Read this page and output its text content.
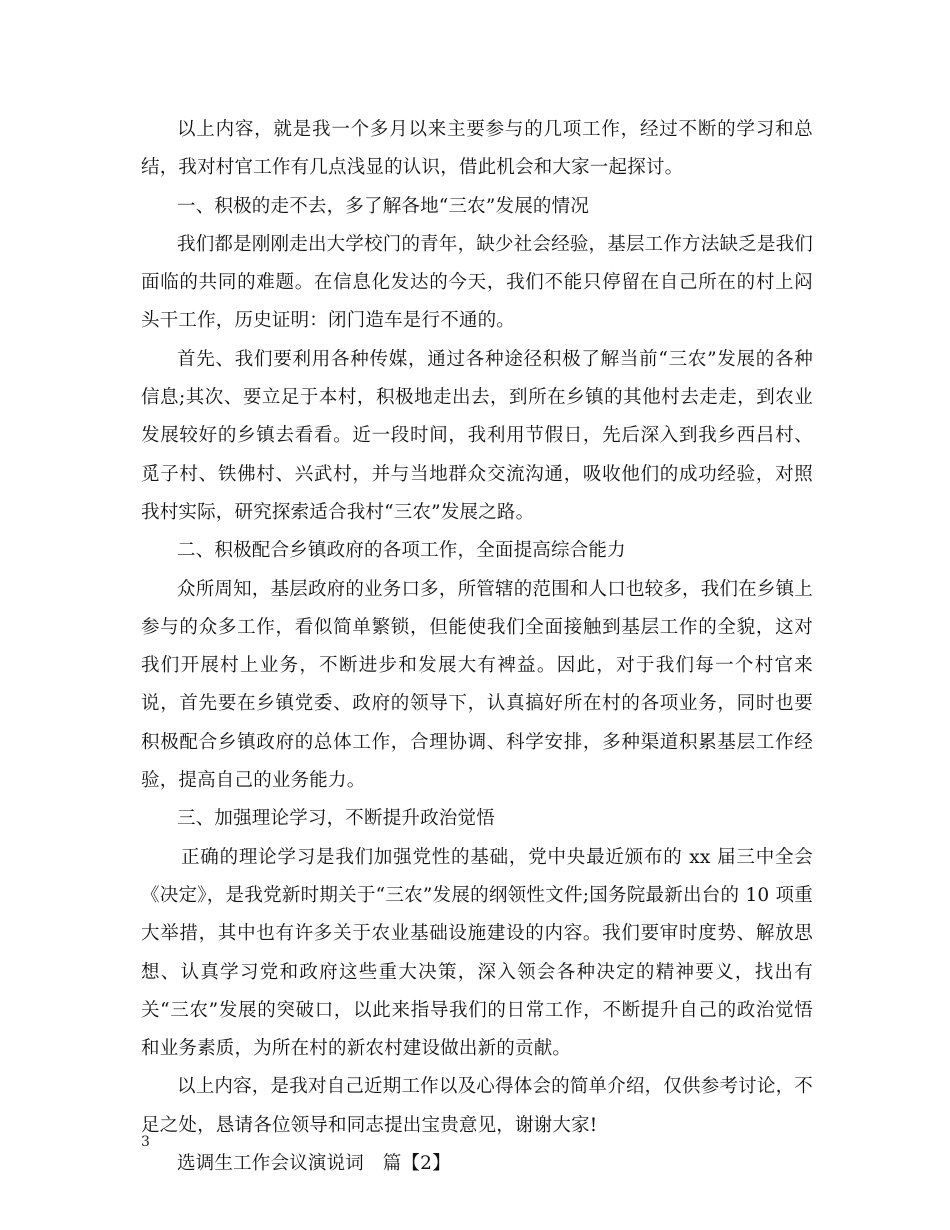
以上内容，就是我一个多月以来主要参与的几项工作，经过不断的学习和总结，我对村官工作有几点浅显的认识，借此机会和大家一起探讨。

一、积极的走不去，多了解各地“三农”发展的情况

我们都是刚刚走出大学校门的青年，缺少社会经验，基层工作方法缺乏是我们面临的共同的难题。在信息化发达的今天，我们不能只停留在自己所在的村上闷头干工作，历史证明：闭门造车是行不通的。

首先、我们要利用各种传媒，通过各种途径积极了解当前“三农”发展的各种信息;其次、要立足于本村，积极地走出去，到所在乡镇的其他村去走走，到农业发展较好的乡镇去看看。近一段时间，我利用节假日，先后深入到我乡西吕村、觅子村、铁佛村、兴武村，并与当地群众交流沟通，吸收他们的成功经验，对照我村实际，研究探索适合我村“三农”发展之路。

二、积极配合乡镇政府的各项工作，全面提高综合能力

众所周知，基层政府的业务口多，所管辖的范围和人口也较多，我们在乡镇上参与的众多工作，看似简单繁锁，但能使我们全面接触到基层工作的全貌，这对我们开展村上业务，不断进步和发展大有裨益。因此，对于我们每一个村官来说，首先要在乡镇党委、政府的领导下，认真搞好所在村的各项业务，同时也要积极配合乡镇政府的总体工作，合理协调、科学安排，多种渠道积累基层工作经验，提高自己的业务能力。

三、加强理论学习，不断提升政治觉悟

正确的理论学习是我们加强党性的基础，党中央最近颁布的 xx 届三中全会《决定》，是我党新时期关于“三农”发展的纲领性文件;国务院最新出台的 10 项重大举措，其中也有许多关于农业基础设施建设的内容。我们要审时度势、解放思想、认真学习党和政府这些重大决策，深入领会各种决定的精神要义，找出有关“三农”发展的突破口，以此来指导我们的日常工作，不断提升自己的政治觉悟和业务素质，为所在村的新农村建设做出新的贡献。

以上内容，是我对自己近期工作以及心得体会的简单介绍，仅供参考讨论，不足之处，恳请各位领导和同志提出宝贵意见，谢谢大家!

选调生工作会议演说词　篇【2】

3
